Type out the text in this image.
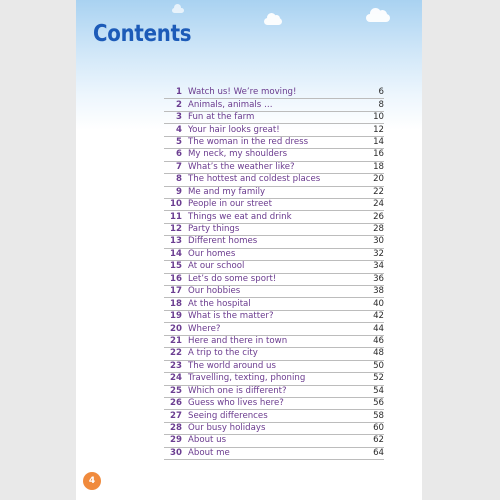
Contents
1 Watch us! We’re moving!	6
2 Animals, animals …	8
3 Fun at the farm	10
4 Your hair looks great!	12
5 The woman in the red dress	14
6 My neck, my shoulders	16
7 What’s the weather like?	18
8 The hottest and coldest places	20
9 Me and my family	22
10 People in our street	24
11 Things we eat and drink	26
12 Party things	28
13 Different homes	30
14 Our homes	32
15 At our school	34
16 Let’s do some sport!	36
17 Our hobbies	38
18 At the hospital	40
19 What is the matter?	42
20 Where?	44
21 Here and there in town	46
22 A trip to the city	48
23 The world around us	50
24 Travelling, texting, phoning	52
25 Which one is different?	54
26 Guess who lives here?	56
27 Seeing differences	58
28 Our busy holidays	60
29 About us	62
30 About me	64
4
